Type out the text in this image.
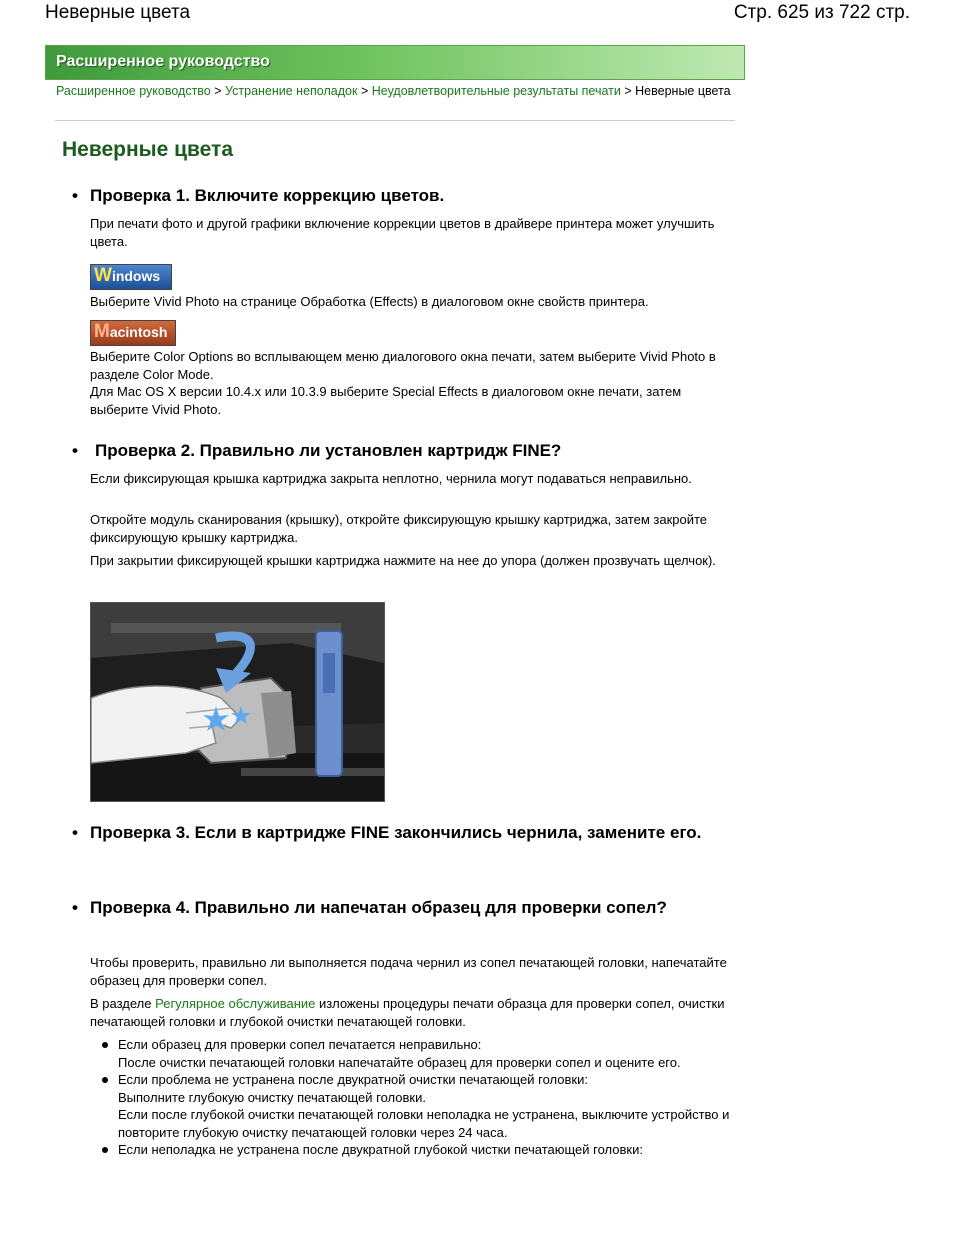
Неверные цвета	Стр. 625 из 722 стр.
Расширенное руководство
Расширенное руководство > Устранение неполадок > Неудовлетворительные результаты печати > Неверные цвета
Неверные цвета
• Проверка 1. Включите коррекцию цветов.

При печати фото и другой графики включение коррекции цветов в драйвере принтера может улучшить цвета.

Windows

Выберите Vivid Photo на странице Обработка (Effects) в диалоговом окне свойств принтера.

Macintosh

Выберите Color Options во всплывающем меню диалогового окна печати, затем выберите Vivid Photo в разделе Color Mode.

Для Mac OS X версии 10.4.x или 10.3.9 выберите Special Effects в диалоговом окне печати, затем выберите Vivid Photo.

•	Проверка 2. Правильно ли установлен картридж FINE?

Если фиксирующая крышка картриджа закрыта неплотно, чернила могут подаваться неправильно.

Откройте модуль сканирования (крышку), откройте фиксирующую крышку картриджа, затем закройте фиксирующую крышку картриджа.

При закрытии фиксирующей крышки картриджа нажмите на нее до упора (должен прозвучать щелчок).

• Проверка 3. Если в картридже FINE закончились чернила, замените его.
• Проверка 4. Правильно ли напечатан образец для проверки сопел?

Чтобы проверить, правильно ли выполняется подача чернил из сопел печатающей головки, напечатайте образец для проверки сопел.

В разделе Регулярное обслуживание изложены процедуры печати образца для проверки сопел, очистки печатающей головки и глубокой очистки печатающей головки.

Если образец для проверки сопел печатается неправильно:
После очистки печатающей головки напечатайте образец для проверки сопел и оцените его.
Если проблема не устранена после двукратной очистки печатающей головки:
Выполните глубокую очистку печатающей головки.
Если после глубокой очистки печатающей головки неполадка не устранена, выключите устройство и повторите глубокую очистку печатающей головки через 24 часа.
Если неполадка не устранена после двукратной глубокой чистки печатающей головки:
